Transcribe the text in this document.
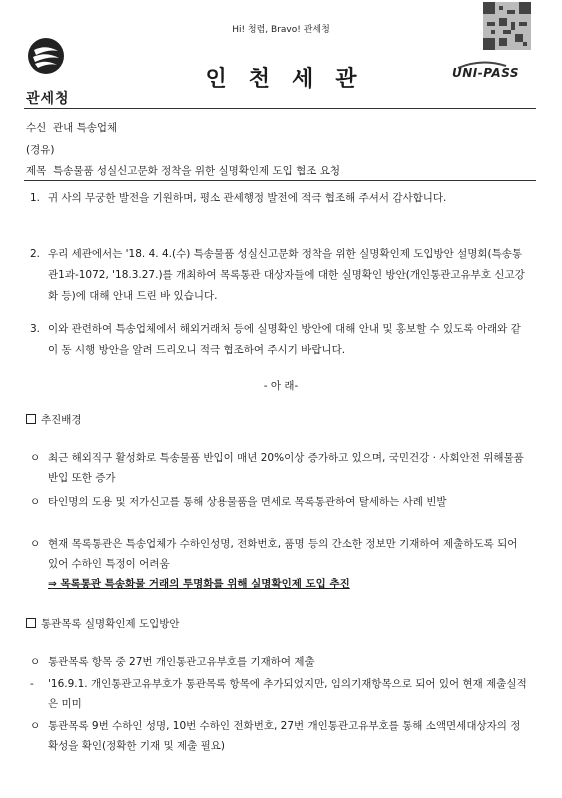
Hi! 청렴, Bravo! 관세청
관세청
인천세관	UNI-PASS
수신 관내 특송업체
(경유)
제목 특송물품 성실신고문화 정착을 위한 실명확인제 도입 협조 요청
1. 귀 사의 무궁한 발전을 기원하며, 평소 관세행정 발전에 적극 협조해 주셔서 감사합니다.
2. 우리 세관에서는 '18. 4. 4.(수) 특송물품 성실신고문화 정착을 위한 실명확인제 도입방안 설명회(특송통관1과-1072, '18.3.27.)를 개최하여 목록통관 대상자들에 대한 실명확인 방안(개인통관고유부호 신고강화 등)에 대해 안내 드린 바 있습니다.
3. 이와 관련하여 특송업체에서 해외거래처 등에 실명확인 방안에 대해 안내 및 홍보할 수 있도록 아래와 같이 동 시행 방안을 알려 드리오니 적극 협조하여 주시기 바랍니다.
- 아 래-
추진배경
ㅇ 최근 해외직구 활성화로 특송물품 반입이 매년 20%이상 증가하고 있으며, 국민건강 · 사회안전 위해물품 반입 또한 증가
ㅇ 타인명의 도용 및 저가신고를 통해 상용물품을 면세로 목록통관하여 탈세하는 사례 빈발
ㅇ 현재 목록통관은 특송업체가 수하인성명, 전화번호, 품명 등의 간소한 정보만 기재하여 제출하도록 되어 있어 수하인 특정이 어려움
⇒ 목록통관 특송화물 거래의 투명화를 위해 실명확인제 도입 추진
통관목록 실명확인제 도입방안
ㅇ 통관목록 항목 중 27번 개인통관고유부호를 기재하여 제출
- '16.9.1. 개인통관고유부호가 통관목록 항목에 추가되었지만, 임의기재항목으로 되어 있어 현재 제출실적은 미미
ㅇ 통관목록 9번 수하인 성명, 10번 수하인 전화번호, 27번 개인통관고유부호를 통해 소액면세대상자의 정확성을 확인(정확한 기재 및 제출 필요)
